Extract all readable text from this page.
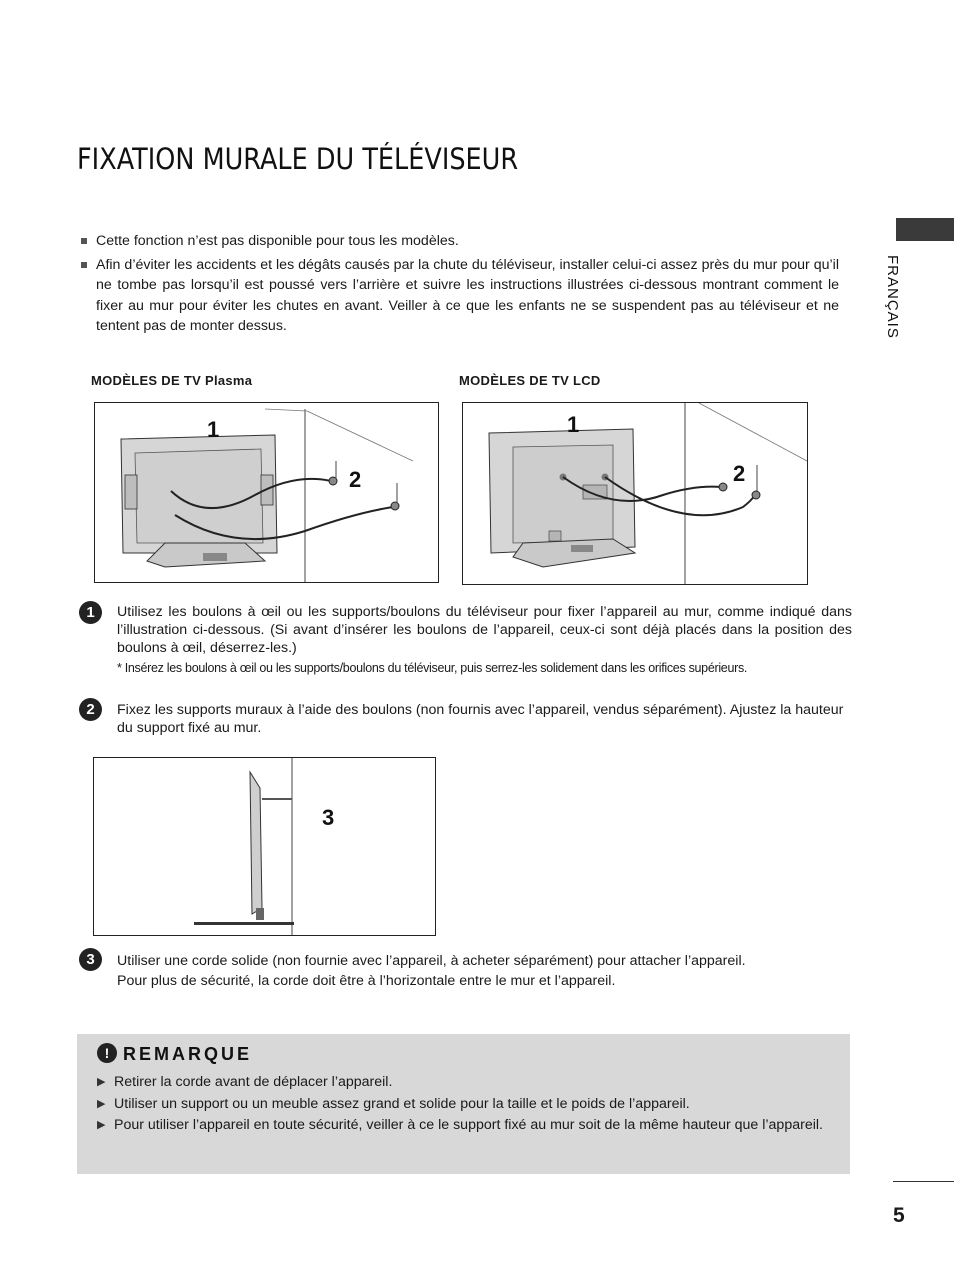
FIXATION MURALE DU TÉLÉVISEUR
FRANÇAIS
Cette fonction n’est pas disponible pour tous les modèles.
Afin d’éviter les accidents et les dégâts causés par la chute du téléviseur, installer celui-ci assez près du mur pour qu’il ne tombe pas lorsqu’il est poussé vers l’arrière et suivre les instructions illustrées ci-dessous montrant comment le fixer au mur pour éviter les chutes en avant. Veiller à ce que les enfants ne se suspendent pas au téléviseur et ne tentent pas de monter dessus.
MODÈLES DE TV Plasma	MODÈLES DE TV LCD
1
2
1
2
1	Utilisez les boulons à œil ou les supports/boulons du téléviseur pour fixer l’appareil au mur, comme indiqué dans l’illustration ci-dessous. (Si avant d’insérer les boulons de l’appareil, ceux-ci sont déjà placés dans la position des boulons à œil, déserrez-les.)
* Insérez les boulons à œil ou les supports/boulons du téléviseur, puis serrez-les solidement dans les orifices supérieurs.
2	Fixez les supports muraux à l’aide des boulons (non fournis avec l’appareil, vendus séparément). Ajustez la hauteur du support fixé au mur.
3
3	Utiliser une corde solide (non fournie avec l’appareil, à acheter séparément) pour attacher l’appareil.
Pour plus de sécurité, la corde doit être à l’horizontale entre le mur et l’appareil.
! REMARQUE
▶ Retirer la corde avant de déplacer l’appareil.
▶ Utiliser un support ou un meuble assez grand et solide pour la taille et le poids de l’appareil.
▶ Pour utiliser l’appareil en toute sécurité, veiller à ce le support fixé au mur soit de la même hauteur que l’appareil.
5
